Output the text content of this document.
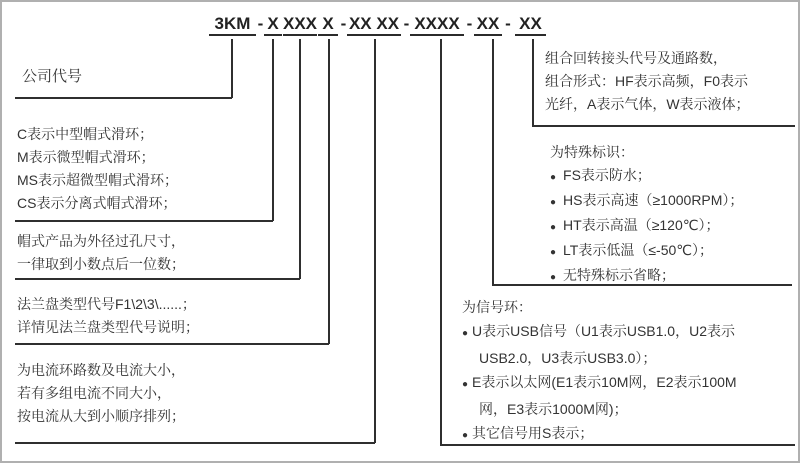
3KM - X XXX X - XX XX - XXXX - XX - XX
公司代号
C表示中型帽式滑环；
M表示微型帽式滑环；
MS表示超微型帽式滑环；
CS表示分离式帽式滑环；
帽式产品为外径过孔尺寸，
一律取到小数点后一位数；
法兰盘类型代号F1\2\3\......；
详情见法兰盘类型代号说明；
为电流环路数及电流大小，
若有多组电流不同大小，
按电流从大到小顺序排列；
组合回转接头代号及通路数，
组合形式：HF表示高频，F0表示
光纤，A表示气体，W表示液体；
为特殊标识：
● FS表示防水；
● HS表示高速（≥1000RPM）；
● HT表示高温（≥120℃）；
● LT表示低温（≤-50℃）；
● 无特殊标示省略；
为信号环：
● U表示USB信号（U1表示USB1.0，U2表示
USB2.0，U3表示USB3.0）；
● E表示以太网(E1表示10M网，E2表示100M
网，E3表示1000M网)；
● 其它信号用S表示；
